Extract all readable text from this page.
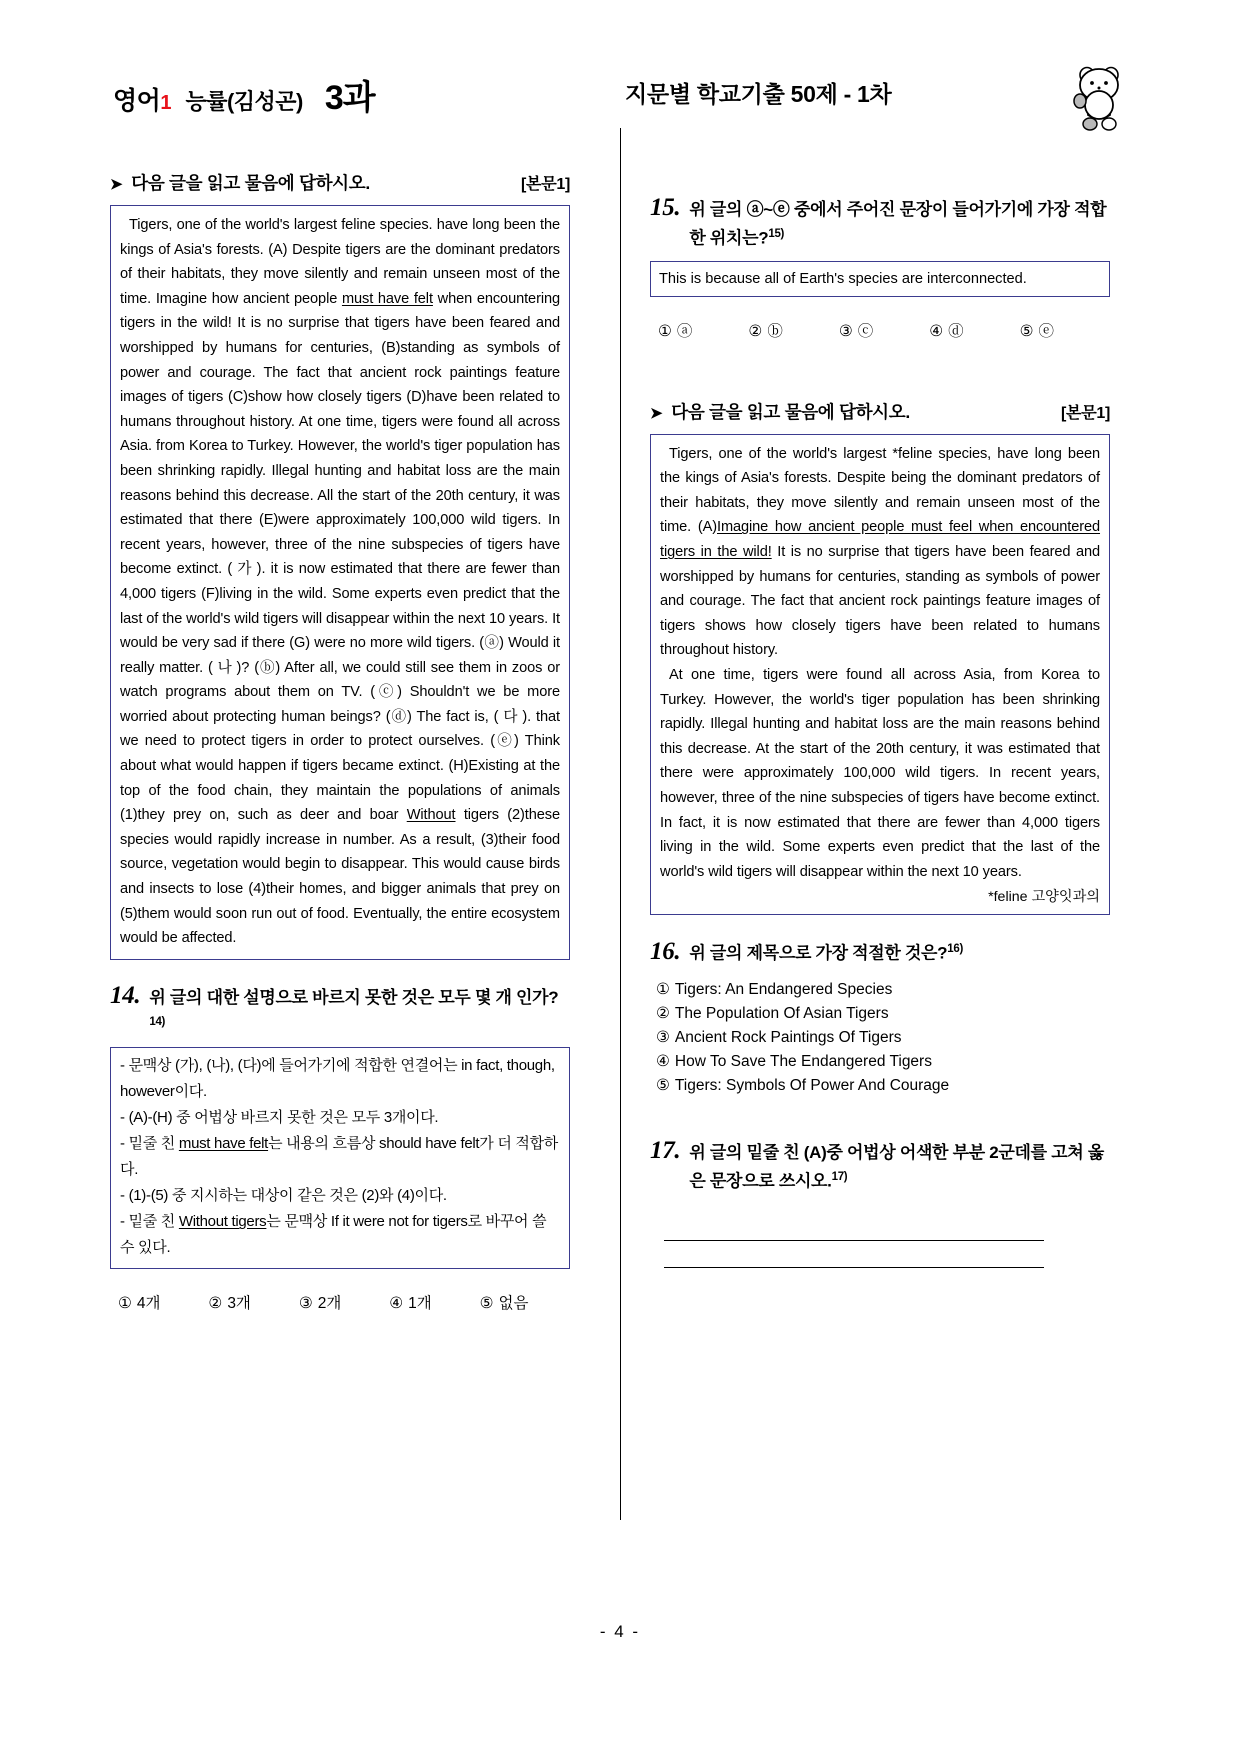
영어 1 능률(김성곤) 3과	지문별 학교기출 50제 - 1차
➤ 다음 글을 읽고 물음에 답하시오.	[본문1]

Tigers, one of the world's largest feline species. have long been the kings of Asia's forests. (A) Despite tigers are the dominant predators of their habitats, they move silently and remain unseen most of the time. Imagine how ancient people must have felt when encountering tigers in the wild! It is no surprise that tigers have been feared and worshipped by humans for centuries, (B)standing as symbols of power and courage. The fact that ancient rock paintings feature images of tigers (C)show how closely tigers (D)have been related to humans throughout history. At one time, tigers were found all across Asia. from Korea to Turkey. However, the world's tiger population has been shrinking rapidly. Illegal hunting and habitat loss are the main reasons behind this decrease. All the start of the 20th century, it was estimated that there (E)were approximately 100,000 wild tigers. In recent years, however, three of the nine subspecies of tigers have become extinct. ( 가 ). it is now estimated that there are fewer than 4,000 tigers (F)living in the wild. Some experts even predict that the last of the world's wild tigers will disappear within the next 10 years. It would be very sad if there (G) were no more wild tigers. (ⓐ) Would it really matter. ( 나 )? (ⓑ) After all, we could still see them in zoos or watch programs about them on TV. (ⓒ) Shouldn't we be more worried about protecting human beings? (ⓓ) The fact is, ( 다 ). that we need to protect tigers in order to protect ourselves. (ⓔ) Think about what would happen if tigers became extinct. (H)Existing at the top of the food chain, they maintain the populations of animals (1)they prey on, such as deer and boar Without tigers (2)these species would rapidly increase in number. As a result, (3)their food source, vegetation would begin to disappear. This would cause birds and insects to lose (4)their homes, and bigger animals that prey on (5)them would soon run out of food. Eventually, the entire ecosystem would be affected.

14. 위 글의 대한 설명으로 바르지 못한 것은 모두 몇 개 인가?$^{14)}$

- 문맥상 (가), (나), (다)에 들어가기에 적합한 연결어는 in fact, though, however이다.

- (A)-(H) 중 어법상 바르지 못한 것은 모두 3개이다.

- 밑줄 친 must have felt는 내용의 흐름상 should have felt가 더 적합하다.

- (1)-(5) 중 지시하는 대상이 같은 것은 (2)와 (4)이다.

- 밑줄 친 Without tigers는 문맥상 If it were not for tigers로 바꾸어 쓸 수 있다.

① 4개	② 3개	③ 2개	④ 1개	⑤ 없음
15. 위 글의 ⓐ~ⓔ 중에서 주어진 문장이 들어가기에 가장 적합한 위치는?$^{15)}$
This is because all of Earth's species are interconnected.
① ⓐ	② ⓑ	③ ⓒ	④ ⓓ	⑤ ⓔ
➤ 다음 글을 읽고 물음에 답하시오.	[본문1]

Tigers, one of the world's largest *feline species, have long been the kings of Asia's forests. Despite being the dominant predators of their habitats, they move silently and remain unseen most of the time. (A)Imagine how ancient people must feel when encountered tigers in the wild! It is no surprise that tigers have been feared and worshipped by humans for centuries, standing as symbols of power and courage. The fact that ancient rock paintings feature images of tigers shows how closely tigers have been related to humans throughout history.

At one time, tigers were found all across Asia, from Korea to Turkey. However, the world's tiger population has been shrinking rapidly. Illegal hunting and habitat loss are the main reasons behind this decrease. At the start of the 20th century, it was estimated that there were approximately 100,000 wild tigers. In recent years, however, three of the nine subspecies of tigers have become extinct. In fact, it is now estimated that there are fewer than 4,000 tigers living in the wild. Some experts even predict that the last of the world's wild tigers will disappear within the next 10 years.

*feline 고양잇과의
16. 위 글의 제목으로 가장 적절한 것은?$^{16)}$
① Tigers: An Endangered Species
② The Population Of Asian Tigers
③ Ancient Rock Paintings Of Tigers
④ How To Save The Endangered Tigers
⑤ Tigers: Symbols Of Power And Courage
17. 위 글의 밑줄 친 (A)중 어법상 어색한 부분 2군데를 고쳐 옳은 문장으로 쓰시오.$^{17)}$
- 4 -
